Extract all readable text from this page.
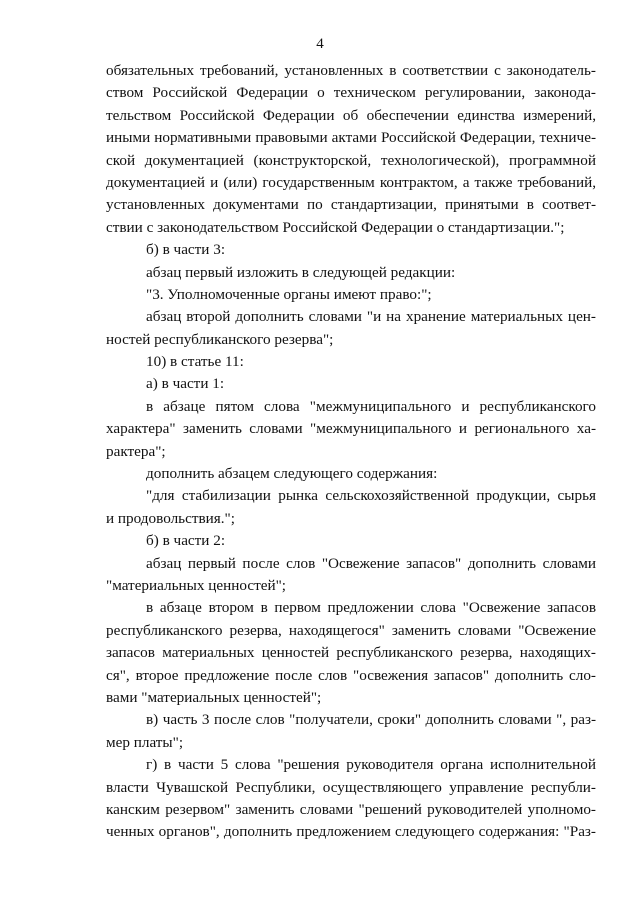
4
обязательных требований, установленных в соответствии с законодатель-
ством Российской Федерации о техническом регулировании, законода-
тельством Российской Федерации об обеспечении единства измерений,
иными нормативными правовыми актами Российской Федерации, техниче-
ской документацией (конструкторской, технологической), программной
документацией и (или) государственным контрактом, а также требований,
установленных документами по стандартизации, принятыми в соответ-
ствии с законодательством Российской Федерации о стандартизации.";
б) в части 3:
абзац первый изложить в следующей редакции:
"3. Уполномоченные органы имеют право:";
абзац второй дополнить словами "и на хранение материальных цен-
ностей республиканского резерва";
10) в статье 11:
а) в части 1:
в абзаце пятом слова "межмуниципального и республиканского
характера" заменить словами "межмуниципального и регионального ха-
рактера";
дополнить абзацем следующего содержания:
"для стабилизации рынка сельскохозяйственной продукции, сырья
и продовольствия.";
б) в части 2:
абзац первый после слов "Освежение запасов" дополнить словами
"материальных ценностей";
в абзаце втором в первом предложении слова "Освежение запасов
республиканского резерва, находящегося" заменить словами "Освежение
запасов материальных ценностей республиканского резерва, находящих-
ся", второе предложение после слов "освежения запасов" дополнить сло-
вами "материальных ценностей";
в) часть 3 после слов "получатели, сроки" дополнить словами ", раз-
мер платы";
г) в части 5 слова "решения руководителя органа исполнительной
власти Чувашской Республики, осуществляющего управление республи-
канским резервом" заменить словами "решений руководителей уполномо-
ченных органов", дополнить предложением следующего содержания: "Раз-
